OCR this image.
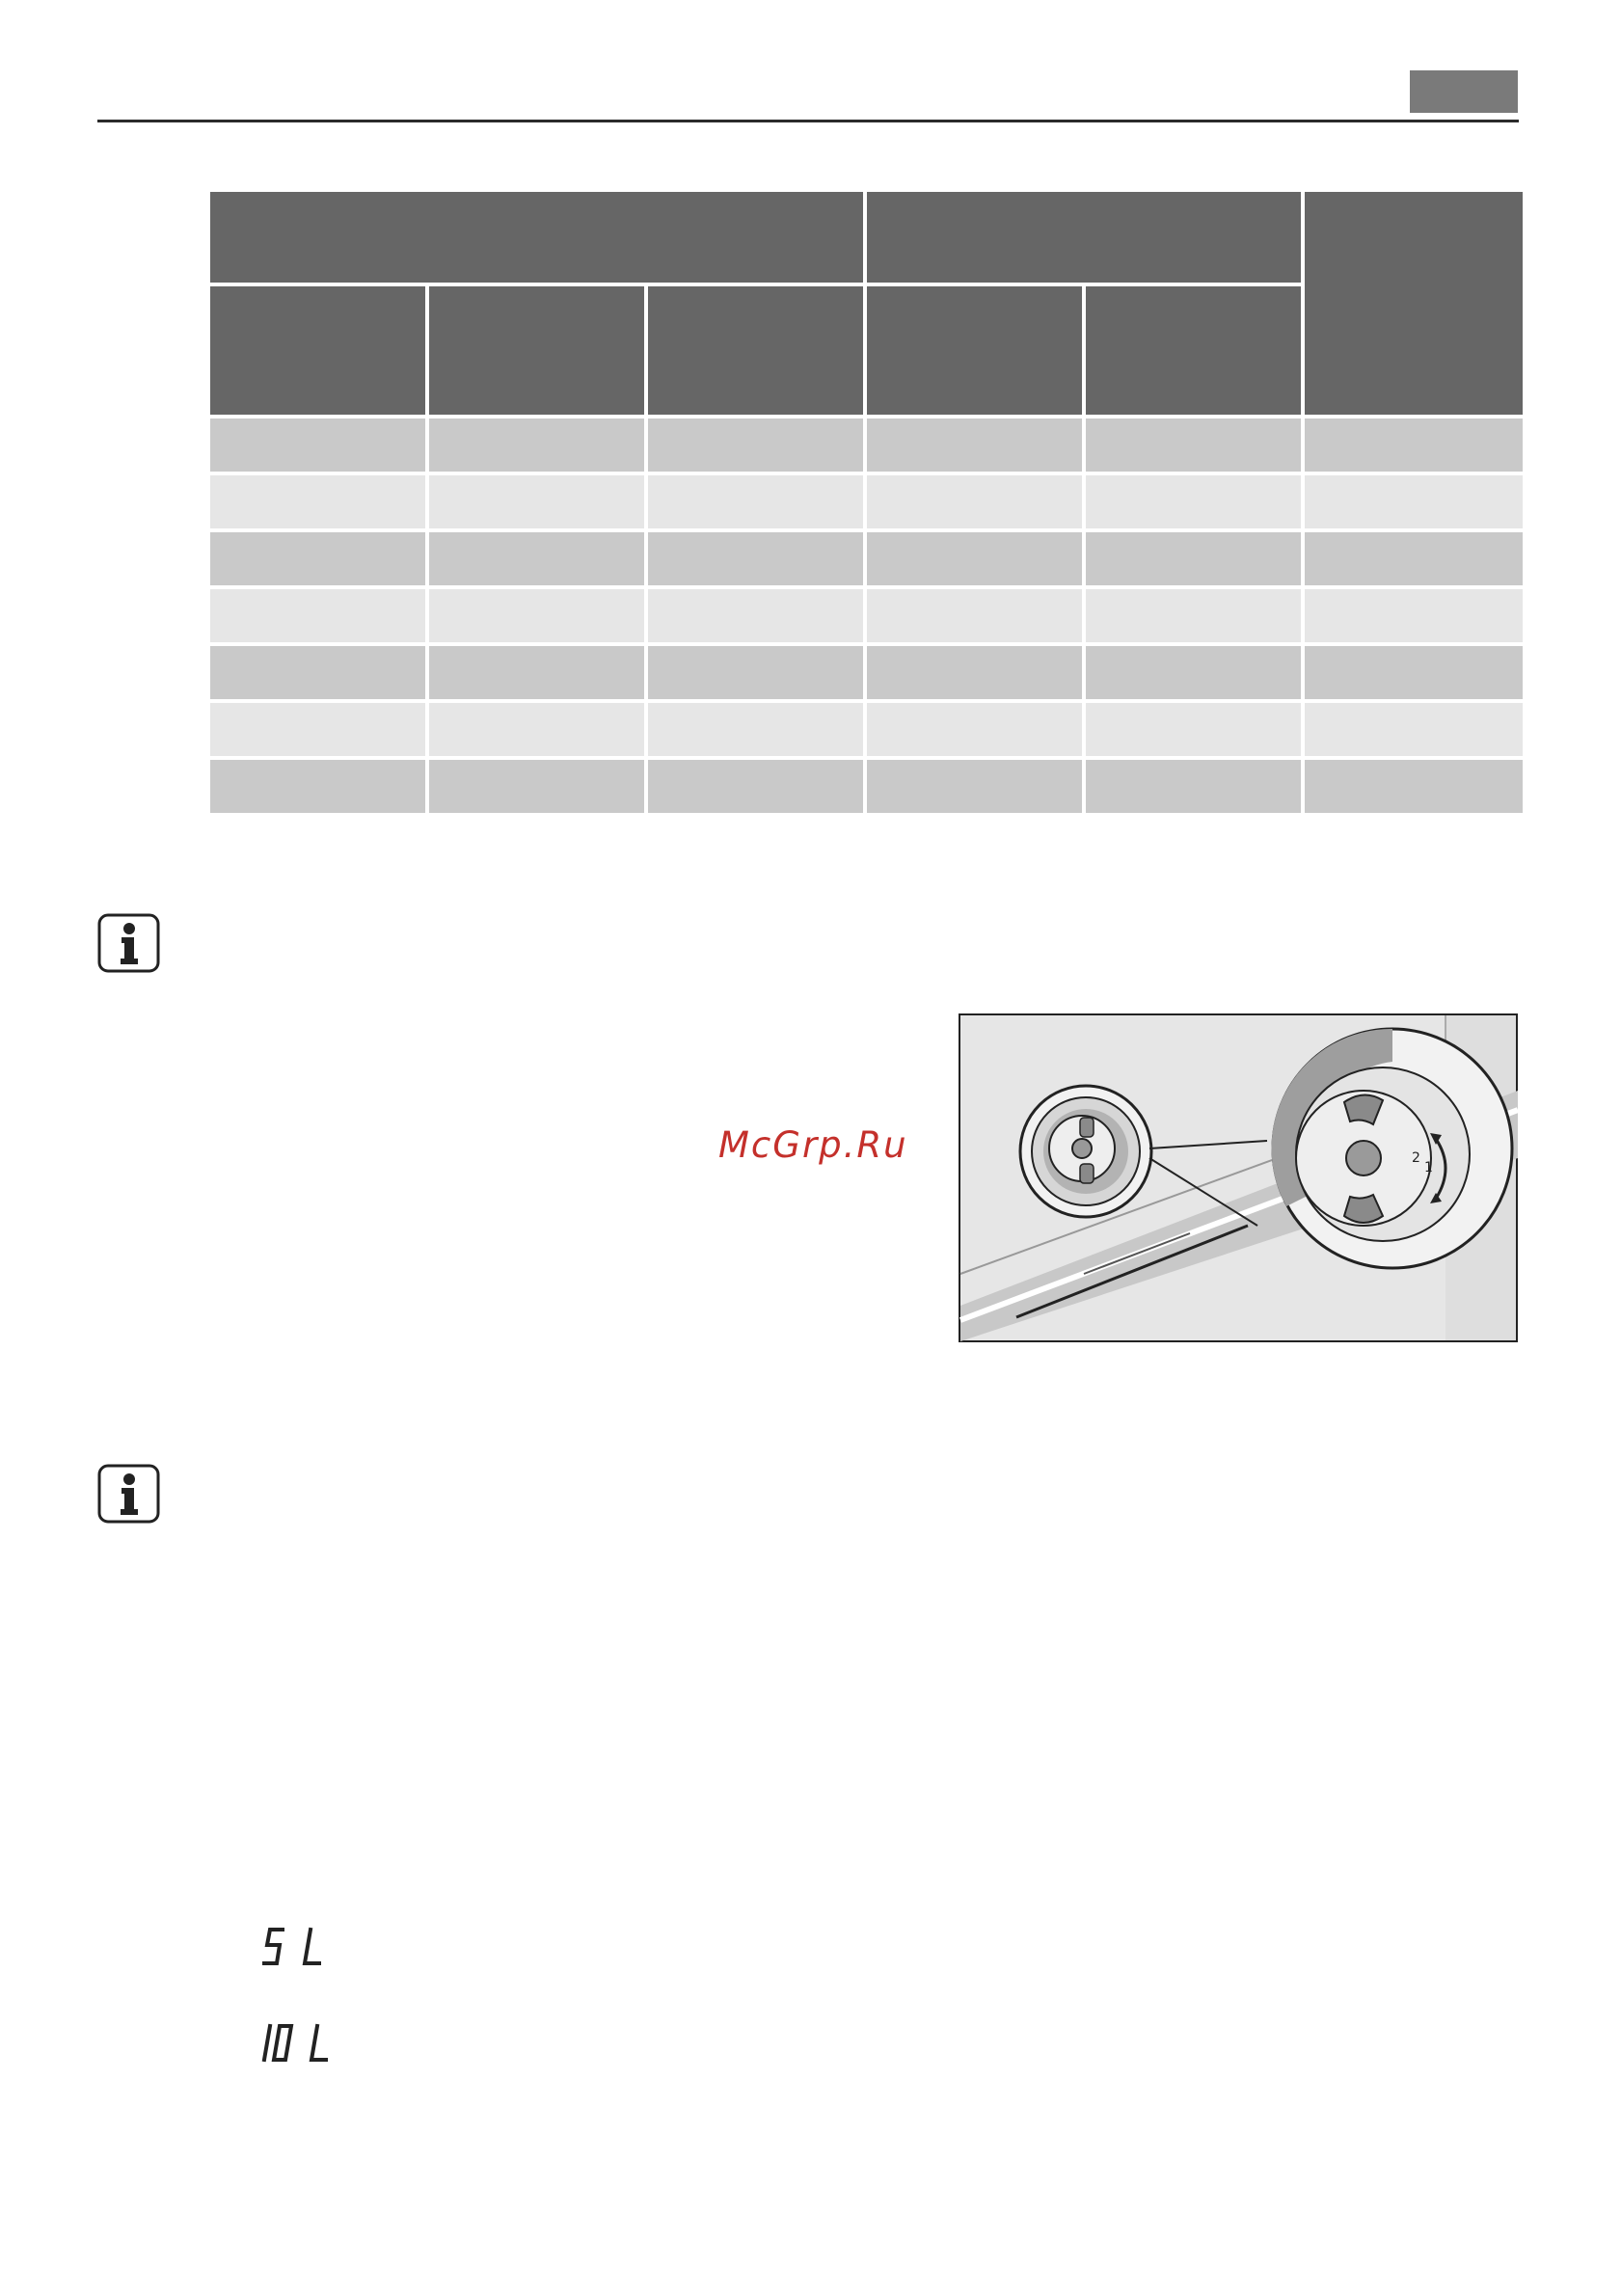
2
1
McGrp.Ru
